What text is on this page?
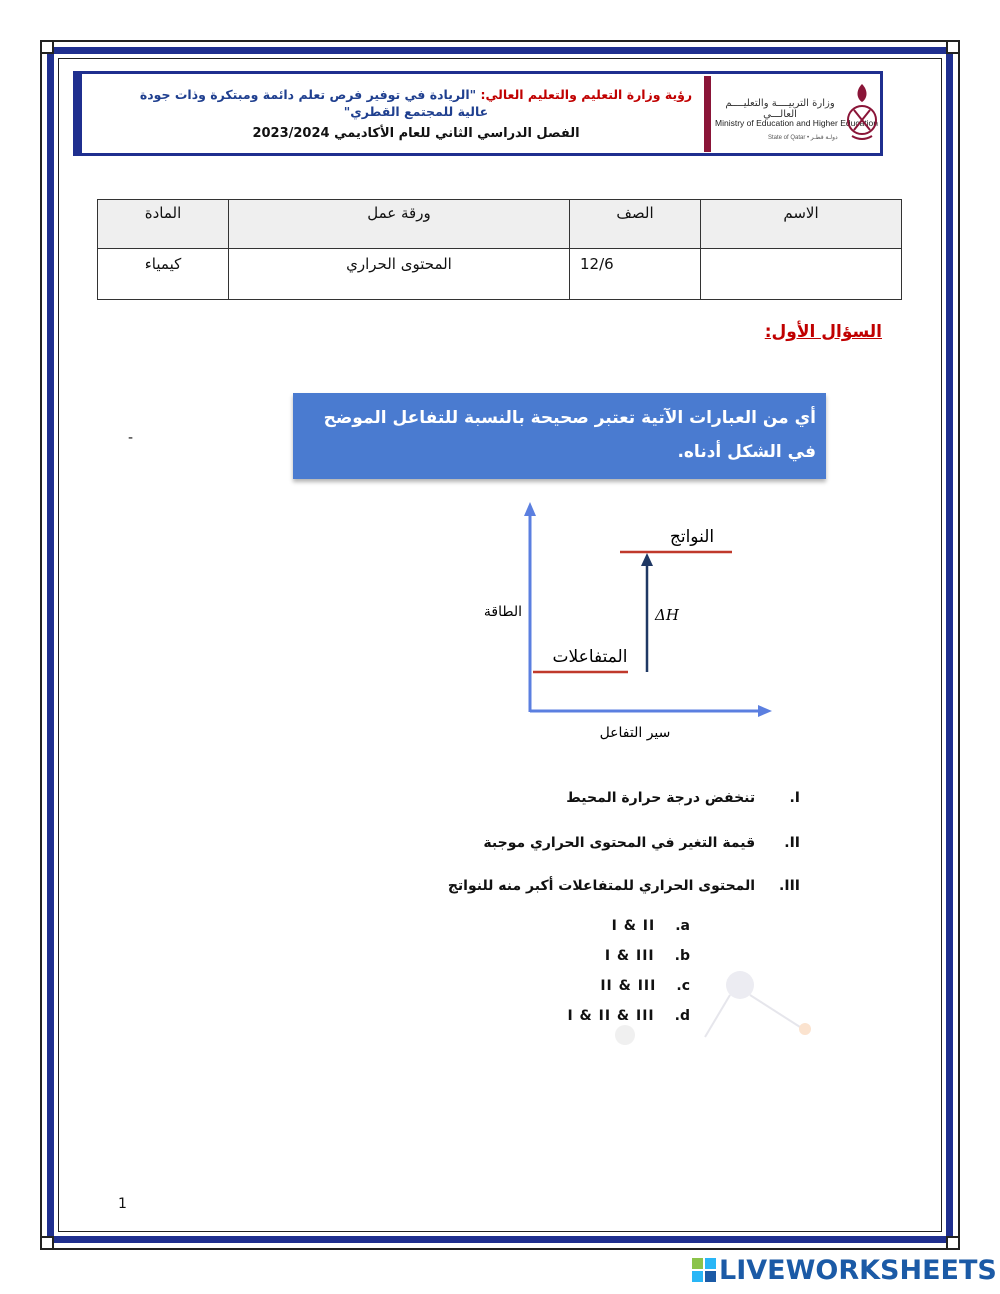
رؤية وزارة التعليم والتعليم العالي: "الريادة في توفير فرص تعلم دائمة ومبتكرة وذات جودة عالية للمجتمع القطري"
الفصل الدراسي الثاني للعام الأكاديمي 2023/2024
وزارة التربيــــة والتعليــــم العالـــي
Ministry of Education and Higher Education
State of Qatar • دولـة قطـر
الاسم	الصف	ورقة عمل	المادة
	12/6	المحتوى الحراري	كيمياء
السؤال الأول:
-
أي من العبارات الآتية تعتبر صحيحة بالنسبة للتفاعل الموضح في الشكل أدناه.
الطاقة
سير التفاعل
المتفاعلات
النواتج
ΔH
I. تنخفض درجة حرارة المحيط
II. قيمة التغير في المحتوى الحراري موجبة
III. المحتوى الحراري للمتفاعلات أكبر منه للنواتج
I & II a.
I & III b.
II & III c.
I & II & III d.
1
LIVEWORKSHEETS
